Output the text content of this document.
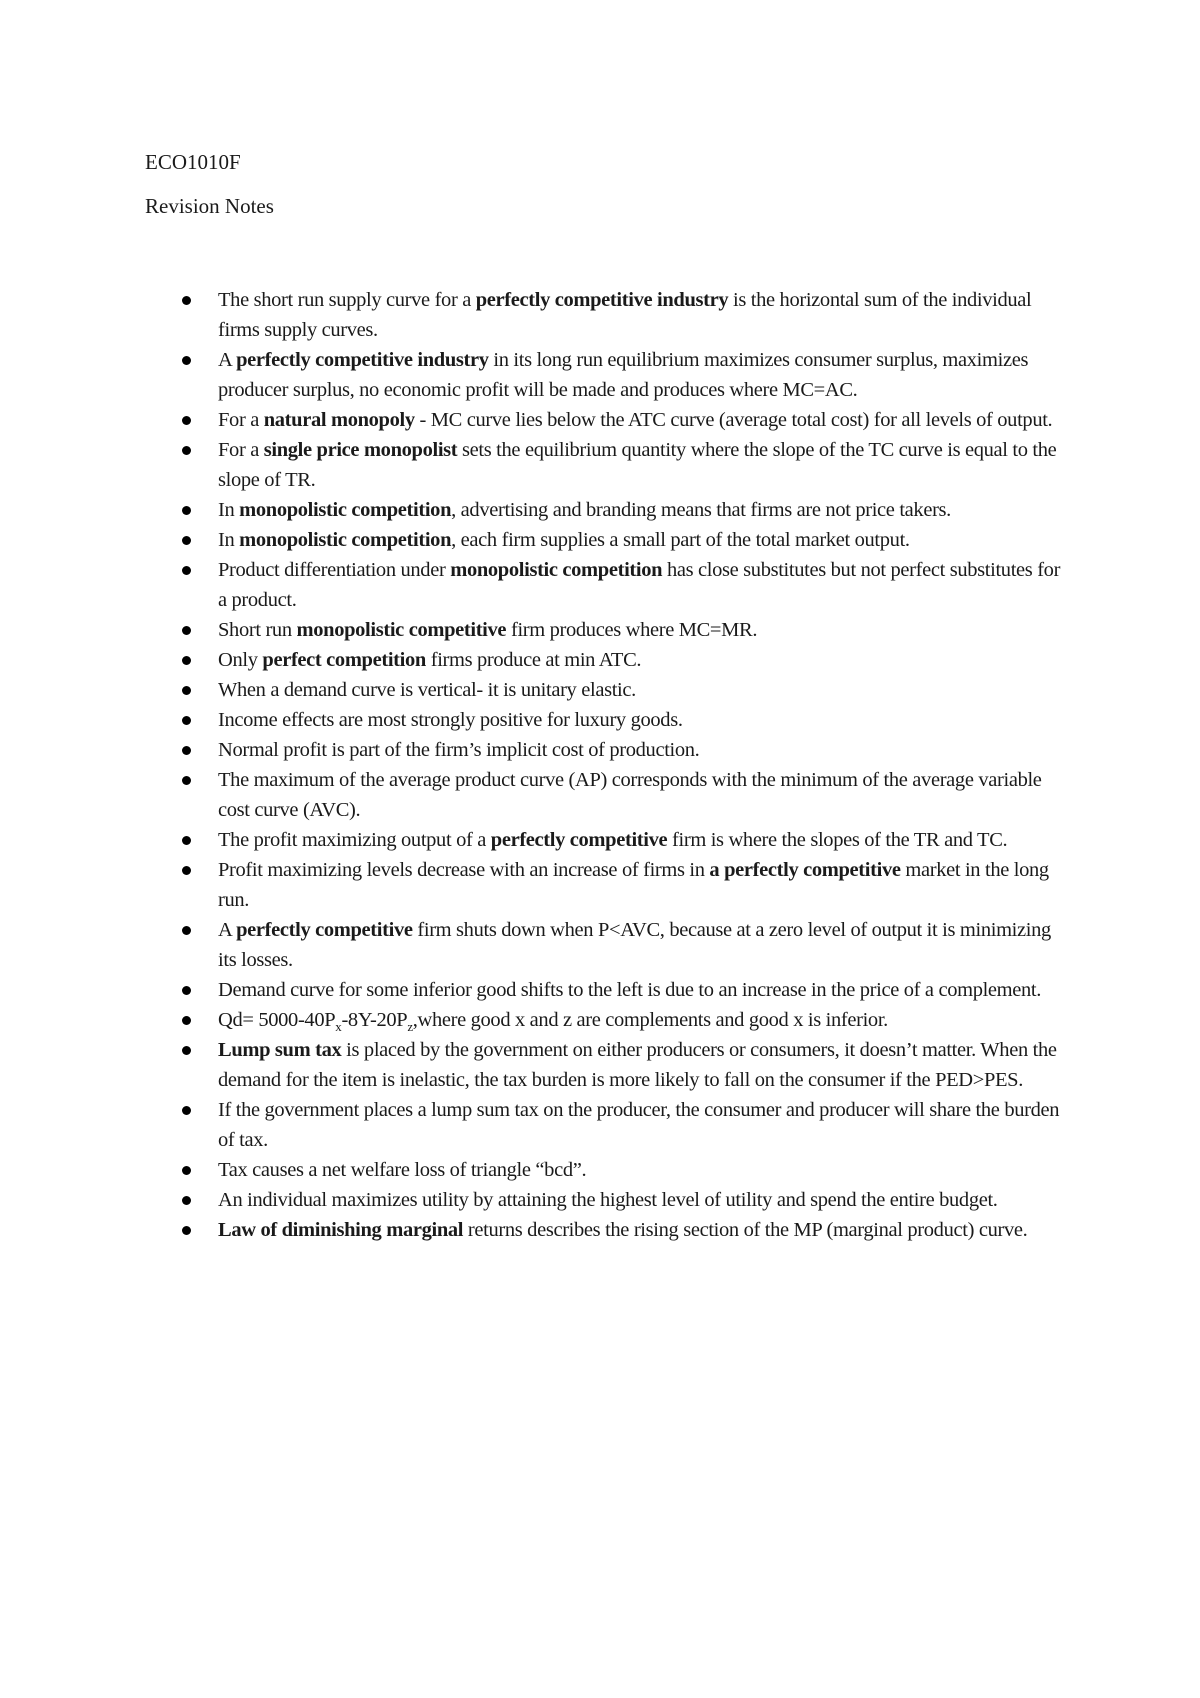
ECO1010F
Revision Notes
The short run supply curve for a perfectly competitive industry is the horizontal sum of the individual firms supply curves.
A perfectly competitive industry in its long run equilibrium maximizes consumer surplus, maximizes producer surplus, no economic profit will be made and produces where MC=AC.
For a natural monopoly - MC curve lies below the ATC curve (average total cost) for all levels of output.
For a single price monopolist sets the equilibrium quantity where the slope of the TC curve is equal to the slope of TR.
In monopolistic competition, advertising and branding means that firms are not price takers.
In monopolistic competition, each firm supplies a small part of the total market output.
Product differentiation under monopolistic competition has close substitutes but not perfect substitutes for a product.
Short run monopolistic competitive firm produces where MC=MR.
Only perfect competition firms produce at min ATC.
When a demand curve is vertical- it is unitary elastic.
Income effects are most strongly positive for luxury goods.
Normal profit is part of the firm’s implicit cost of production.
The maximum of the average product curve (AP) corresponds with the minimum of the average variable cost curve (AVC).
The profit maximizing output of a perfectly competitive firm is where the slopes of the TR and TC.
Profit maximizing levels decrease with an increase of firms in a perfectly competitive market in the long run.
A perfectly competitive firm shuts down when P<AVC, because at a zero level of output it is minimizing its losses.
Demand curve for some inferior good shifts to the left is due to an increase in the price of a complement.
$Qd= 5000-40P_x-8Y-20P_z,where$ good x and z are complements and good x is inferior.
Lump sum tax is placed by the government on either producers or consumers, it doesn’t matter. When the demand for the item is inelastic, the tax burden is more likely to fall on the consumer if the PED>PES.
If the government places a lump sum tax on the producer, the consumer and producer will share the burden of tax.
Tax causes a net welfare loss of triangle “bcd”.
An individual maximizes utility by attaining the highest level of utility and spend the entire budget.
Law of diminishing marginal returns describes the rising section of the MP (marginal product) curve.
